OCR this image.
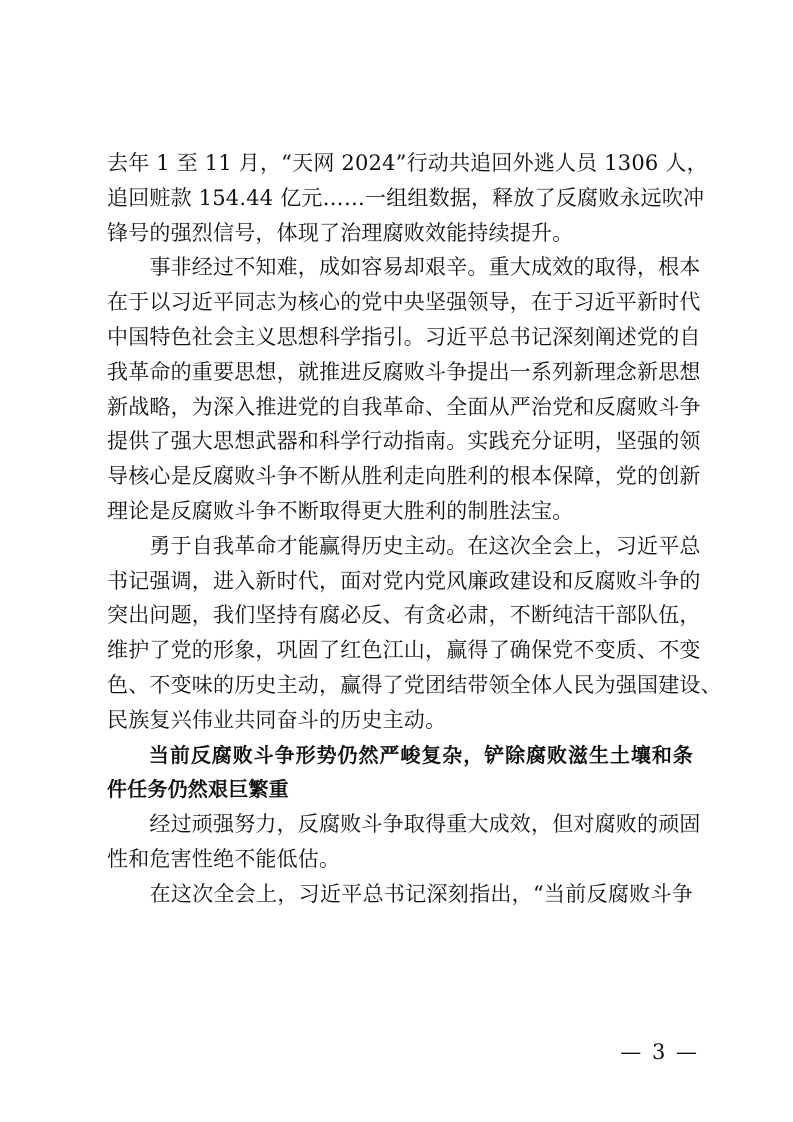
去年 1 至 11 月，“天网 2024”行动共追回外逃人员 1306 人，
追回赃款 154.44 亿元……一组组数据，释放了反腐败永远吹冲
锋号的强烈信号，体现了治理腐败效能持续提升。
　　事非经过不知难，成如容易却艰辛。重大成效的取得，根本
在于以习近平同志为核心的党中央坚强领导，在于习近平新时代
中国特色社会主义思想科学指引。习近平总书记深刻阐述党的自
我革命的重要思想，就推进反腐败斗争提出一系列新理念新思想
新战略，为深入推进党的自我革命、全面从严治党和反腐败斗争
提供了强大思想武器和科学行动指南。实践充分证明，坚强的领
导核心是反腐败斗争不断从胜利走向胜利的根本保障，党的创新
理论是反腐败斗争不断取得更大胜利的制胜法宝。
　　勇于自我革命才能赢得历史主动。在这次全会上，习近平总
书记强调，进入新时代，面对党内党风廉政建设和反腐败斗争的
突出问题，我们坚持有腐必反、有贪必肃，不断纯洁干部队伍，
维护了党的形象，巩固了红色江山，赢得了确保党不变质、不变
色、不变味的历史主动，赢得了党团结带领全体人民为强国建设、
民族复兴伟业共同奋斗的历史主动。
　　当前反腐败斗争形势仍然严峻复杂，铲除腐败滋生土壤和条
件任务仍然艰巨繁重
　　经过顽强努力，反腐败斗争取得重大成效，但对腐败的顽固
性和危害性绝不能低估。
　　在这次全会上，习近平总书记深刻指出，“当前反腐败斗争
— 3 —
